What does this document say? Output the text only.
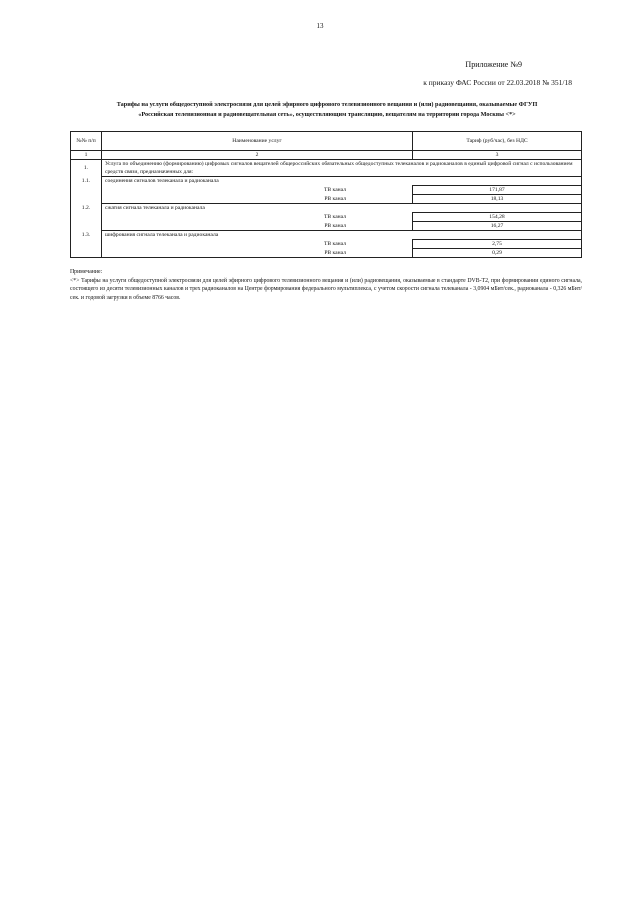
13
Приложение №9
к приказу ФАС России от 22.03.2018 № 351/18
Тарифы на услуги общедоступной электросвязи для целей эфирного цифрового телевизионного вещания и (или) радиовещания, оказываемые ФГУП
«Российская телевизионная и радиовещательная сеть», осуществляющим трансляцию, вещателям на территории города Москвы <*>
№№ п/п	Наименование услуг	Тариф (руб/час), без НДС
1	2	3
1.	Услуга по объединению (формированию) цифровых сигналов вещателей общероссийских обязательных общедоступных телеканалов и радиоканалов в единый цифровой сигнал с использованием средств связи, предназначенных для:	
1.1.	соединения сигналов телеканала и радиоканала	
	ТВ канал	171,87
	РВ канал	18,13
1.2.	сжатия сигнала телеканала и радиоканала	
	ТВ канал	154,28
	РВ канал	16,27
1.3.	шифрования сигнала телеканала и радиоканала	
	ТВ канал	2,75
	РВ канал	0,29

Примечание:

<*> Тарифы на услуги общедоступной электросвязи для целей эфирного цифрового телевизионного вещания и (или) радиовещания, оказываемые в стандарте DVB-T2, при формировании единого сигнала, состоящего из десяти телевизионных каналов и трех радиоканалов на Центре формирования федерального мультиплекса, с учетом скорости сигнала телеканала - 3,0904 мБит/сек., радиоканала - 0,326 мБит/сек. и годовой загрузки в объеме 8766 часов.
